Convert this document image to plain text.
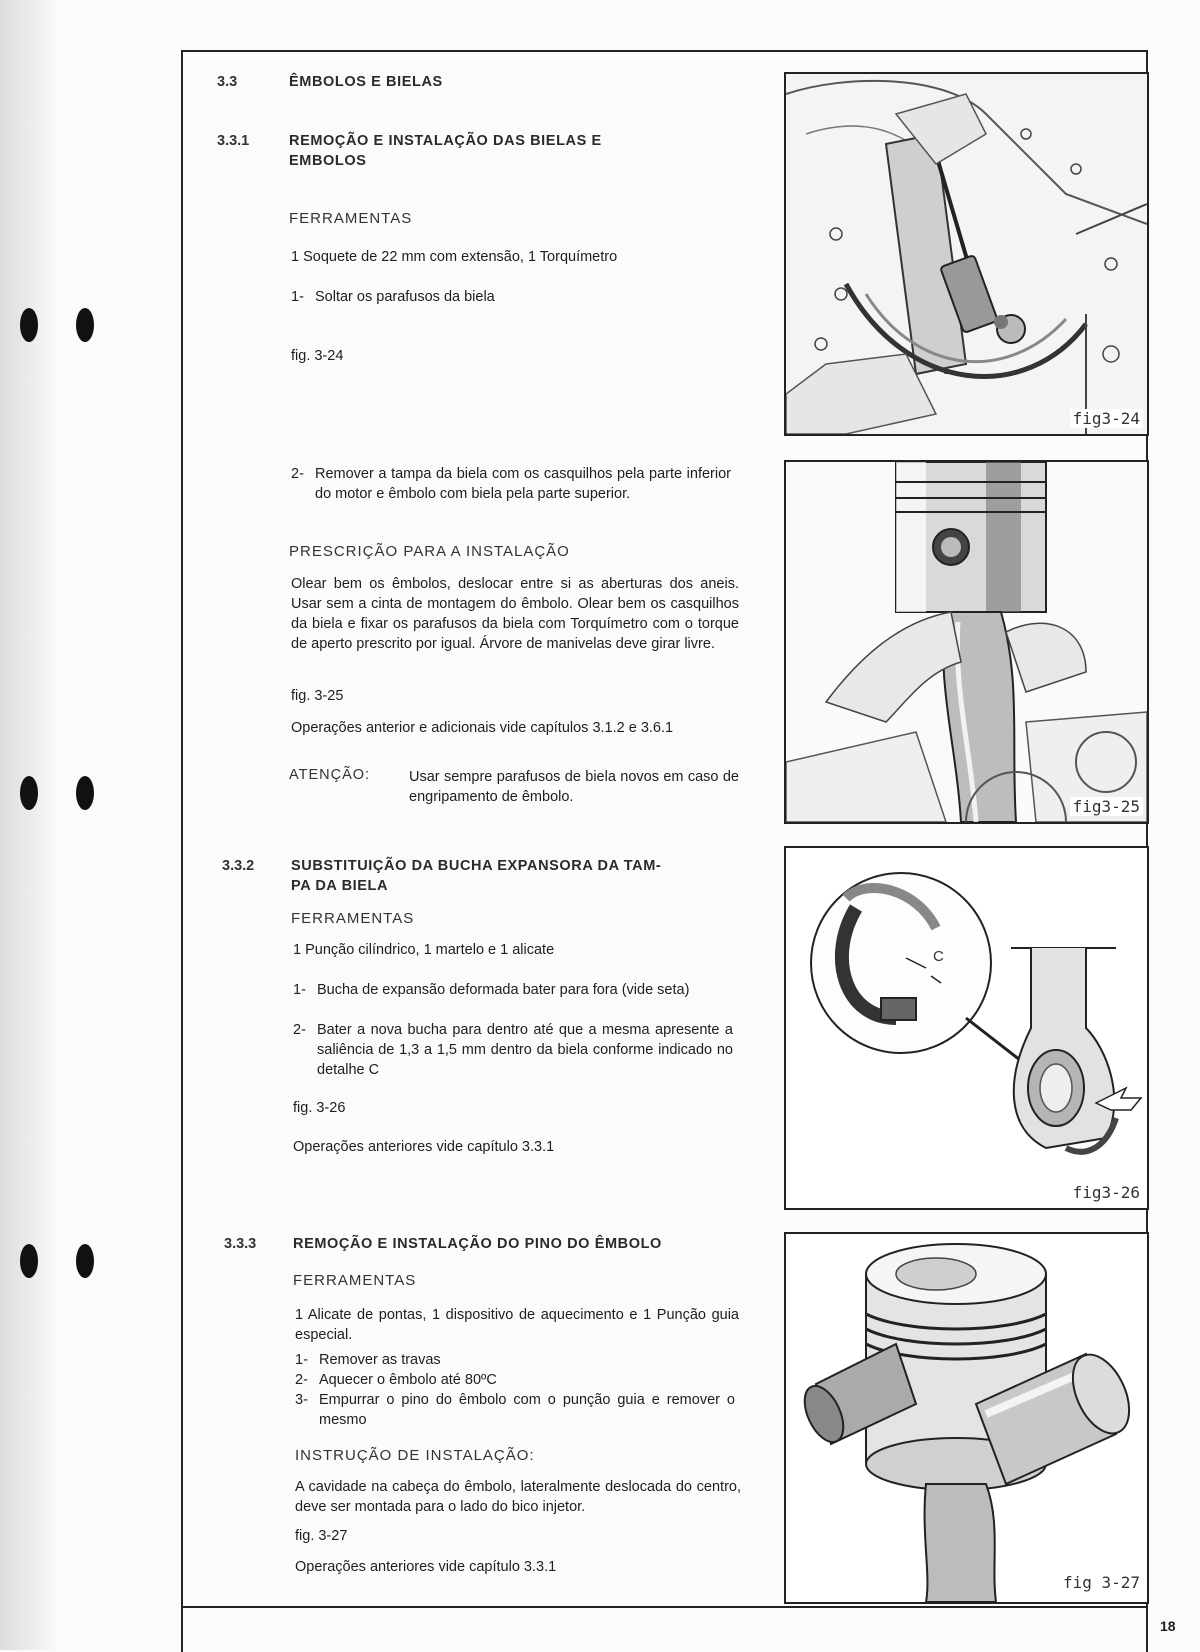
18
3.3	ÊMBOLOS E BIELAS
3.3.1	REMOÇÃO E INSTALAÇÃO DAS BIELAS E
EMBOLOS
FERRAMENTAS
1 Soquete de 22 mm com extensão, 1 Torquímetro
1- Soltar os parafusos da biela
fig. 3-24
2- Remover a tampa da biela com os casquilhos pela parte inferior do motor e êmbolo com biela pela parte superior.
PRESCRIÇÃO PARA A INSTALAÇÃO
Olear bem os êmbolos, deslocar entre si as aberturas dos aneis. Usar sem a cinta de montagem do êmbolo. Olear bem os casquilhos da biela e fixar os parafusos da biela com Torquímetro com o torque de aperto prescrito por igual. Árvore de manivelas deve girar livre.
fig. 3-25
Operações anterior e adicionais vide capítulos 3.1.2 e 3.6.1
ATENÇÃO:	Usar sempre parafusos de biela novos em caso de engripamento de êmbolo.
3.3.2	SUBSTITUIÇÃO DA BUCHA EXPANSORA DA TAM-
PA DA BIELA
FERRAMENTAS
1 Punção cilíndrico, 1 martelo e 1 alicate
1- Bucha de expansão deformada bater para fora (vide seta)
2- Bater a nova bucha para dentro até que a mesma apresente a saliência de 1,3 a 1,5 mm dentro da biela conforme indicado no detalhe C
fig. 3-26
Operações anteriores vide capítulo 3.3.1
3.3.3	REMOÇÃO E INSTALAÇÃO DO PINO DO ÊMBOLO
FERRAMENTAS
1 Alicate de pontas, 1 dispositivo de aquecimento e 1 Punção guia especial.
1- Remover as travas
2- Aquecer o êmbolo até 80ºC
3- Empurrar o pino do êmbolo com o punção guia e remover o mesmo
INSTRUÇÃO DE INSTALAÇÃO:
A cavidade na cabeça do êmbolo, lateralmente deslocada do centro, deve ser montada para o lado do bico injetor.
fig. 3-27
Operações anteriores vide capítulo 3.3.1
fig3-24
fig3-25
C
fig3-26
fig 3-27
